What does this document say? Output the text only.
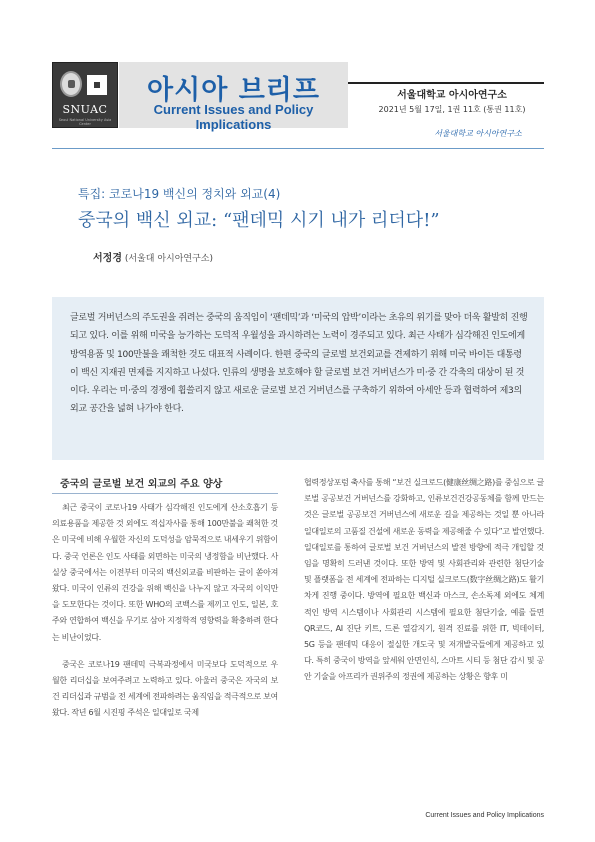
SNUAC
Seoul National University Asia Center
아시아 브리프
Current Issues and Policy Implications
서울대학교 아시아연구소
2021년 5월 17일, 1권 11호 (통권 11호)
서울대학교 아시아연구소
특집: 코로나19 백신의 정치와 외교(4)
중국의 백신 외교: “팬데믹 시기 내가 리더다!”
서정경 (서울대 아시아연구소)

글로벌 거버넌스의 주도권을 쥐려는 중국의 움직임이 ‘팬데믹’과 ‘미국의 압박’이라는 초유의 위기를 맞아 더욱 활발히 진행되고 있다. 이를 위해 미국을 능가하는 도덕적 우월성을 과시하려는 노력이 경주되고 있다. 최근 사태가 심각해진 인도에게 방역용품 및 100만불을 쾌척한 것도 대표적 사례이다. 한편 중국의 글로벌 보건외교를 견제하기 위해 미국 바이든 대통령이 백신 지재권 면제를 지지하고 나섰다. 인류의 생명을 보호해야 할 글로벌 보건 거버넌스가 미·중 간 각축의 대상이 된 것이다. 우리는 미·중의 경쟁에 휩쓸리지 않고 새로운 글로벌 보건 거버넌스를 구축하기 위하여 아세안 등과 협력하여 제3의 외교 공간을 넓혀 나가야 한다.

중국의 글로벌 보건 외교의 주요 양상

최근 중국이 코로나19 사태가 심각해진 인도에게 산소호흡기 등 의료용품을 제공한 것 외에도 적십자사를 통해 100만불을 쾌척한 것은 미국에 비해 우월한 자신의 도덕성을 암묵적으로 내세우기 위함이다. 중국 언론은 인도 사태를 외면하는 미국의 냉정함을 비난했다. 사실상 중국에서는 이전부터 미국의 백신외교를 비판하는 글이 쏟아져 왔다. 미국이 인류의 건강을 위해 백신을 나누지 않고 자국의 이익만을 도모한다는 것이다. 또한 WHO의 코백스를 제끼고 인도, 일본, 호주와 연합하여 백신을 무기로 삼아 지정학적 영향력을 확충하려 한다는 비난이었다.

중국은 코로나19 팬데믹 극복과정에서 미국보다 도덕적으로 우월한 리더십을 보여주려고 노력하고 있다. 아울러 중국은 자국의 보건 리더십과 규범을 전 세계에 전파하려는 움직임을 적극적으로 보여왔다. 작년 6월 시진핑 주석은 일대일로 국제

협력정상포럼 축사를 통해 “보건 실크로드(健康丝绸之路)를 중심으로 글로벌 공공보건 거버넌스를 강화하고, 인류보건건강공동체를 함께 만드는 것은 글로벌 공공보건 거버넌스에 새로운 길을 제공하는 것일 뿐 아니라 일대일로의 고품질 건설에 새로운 동력을 제공해줄 수 있다”고 발언했다. 일대일로를 통하여 글로벌 보건 거버넌스의 발전 방향에 적극 개입할 것임을 명확히 드러낸 것이다. 또한 방역 및 사회관리와 관련한 첨단기술 및 플랫폼을 전 세계에 전파하는 디지털 실크로드(数字丝绸之路)도 활기차게 진행 중이다. 방역에 필요한 백신과 마스크, 손소독제 외에도 체계적인 방역 시스템이나 사회관리 시스템에 필요한 첨단기술, 예를 들면 QR코드, AI 진단 키트, 드론 열감지기, 원격 진료를 위한 IT, 빅데이터, 5G 등을 팬데믹 대응이 절실한 개도국 및 저개발국들에게 제공하고 있다. 특히 중국이 방역을 앞세워 안면인식, 스마트 시티 등 첨단 감시 및 공안 기술을 아프리카 권위주의 정권에 제공하는 상황은 향후 미

Current Issues and Policy Implications
